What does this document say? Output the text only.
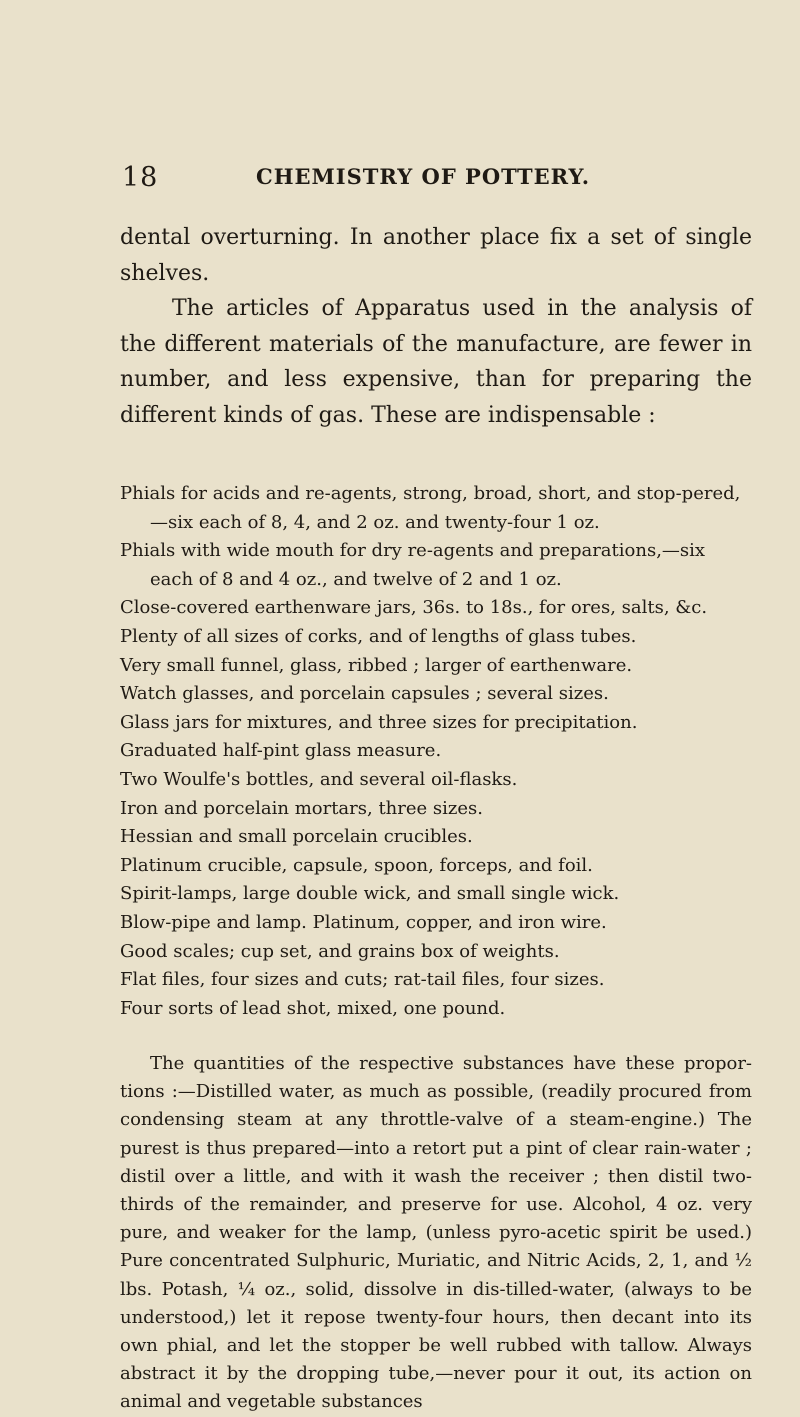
18	CHEMISTRY OF POTTERY.

dental overturning. In another place fix a set of single shelves.

The articles of Apparatus used in the analysis of the different materials of the manufacture, are fewer in number, and less expensive, than for preparing the different kinds of gas. These are indispensable :

Phials for acids and re-agents, strong, broad, short, and stop-pered,—six each of 8, 4, and 2 oz. and twenty-four 1 oz.

Phials with wide mouth for dry re-agents and preparations,—six each of 8 and 4 oz., and twelve of 2 and 1 oz.

Close-covered earthenware jars, 36s. to 18s., for ores, salts, &c.

Plenty of all sizes of corks, and of lengths of glass tubes.

Very small funnel, glass, ribbed ; larger of earthenware.

Watch glasses, and porcelain capsules ; several sizes.

Glass jars for mixtures, and three sizes for precipitation.

Graduated half-pint glass measure.

Two Woulfe's bottles, and several oil-flasks.

Iron and porcelain mortars, three sizes.

Hessian and small porcelain crucibles.

Platinum crucible, capsule, spoon, forceps, and foil.

Spirit-lamps, large double wick, and small single wick.

Blow-pipe and lamp. Platinum, copper, and iron wire.

Good scales; cup set, and grains box of weights.

Flat files, four sizes and cuts; rat-tail files, four sizes.

Four sorts of lead shot, mixed, one pound.

The quantities of the respective substances have these propor-tions :—Distilled water, as much as possible, (readily procured from condensing steam at any throttle-valve of a steam-engine.) The purest is thus prepared—into a retort put a pint of clear rain-water ; distil over a little, and with it wash the receiver ; then distil two-thirds of the remainder, and preserve for use. Alcohol, 4 oz. very pure, and weaker for the lamp, (unless pyro-acetic spirit be used.) Pure concentrated Sulphuric, Muriatic, and Nitric Acids, 2, 1, and ½ lbs. Potash, ¼ oz., solid, dissolve in dis-tilled-water, (always to be understood,) let it repose twenty-four hours, then decant into its own phial, and let the stopper be well rubbed with tallow. Always abstract it by the dropping tube,—never pour it out, its action on animal and vegetable substances
